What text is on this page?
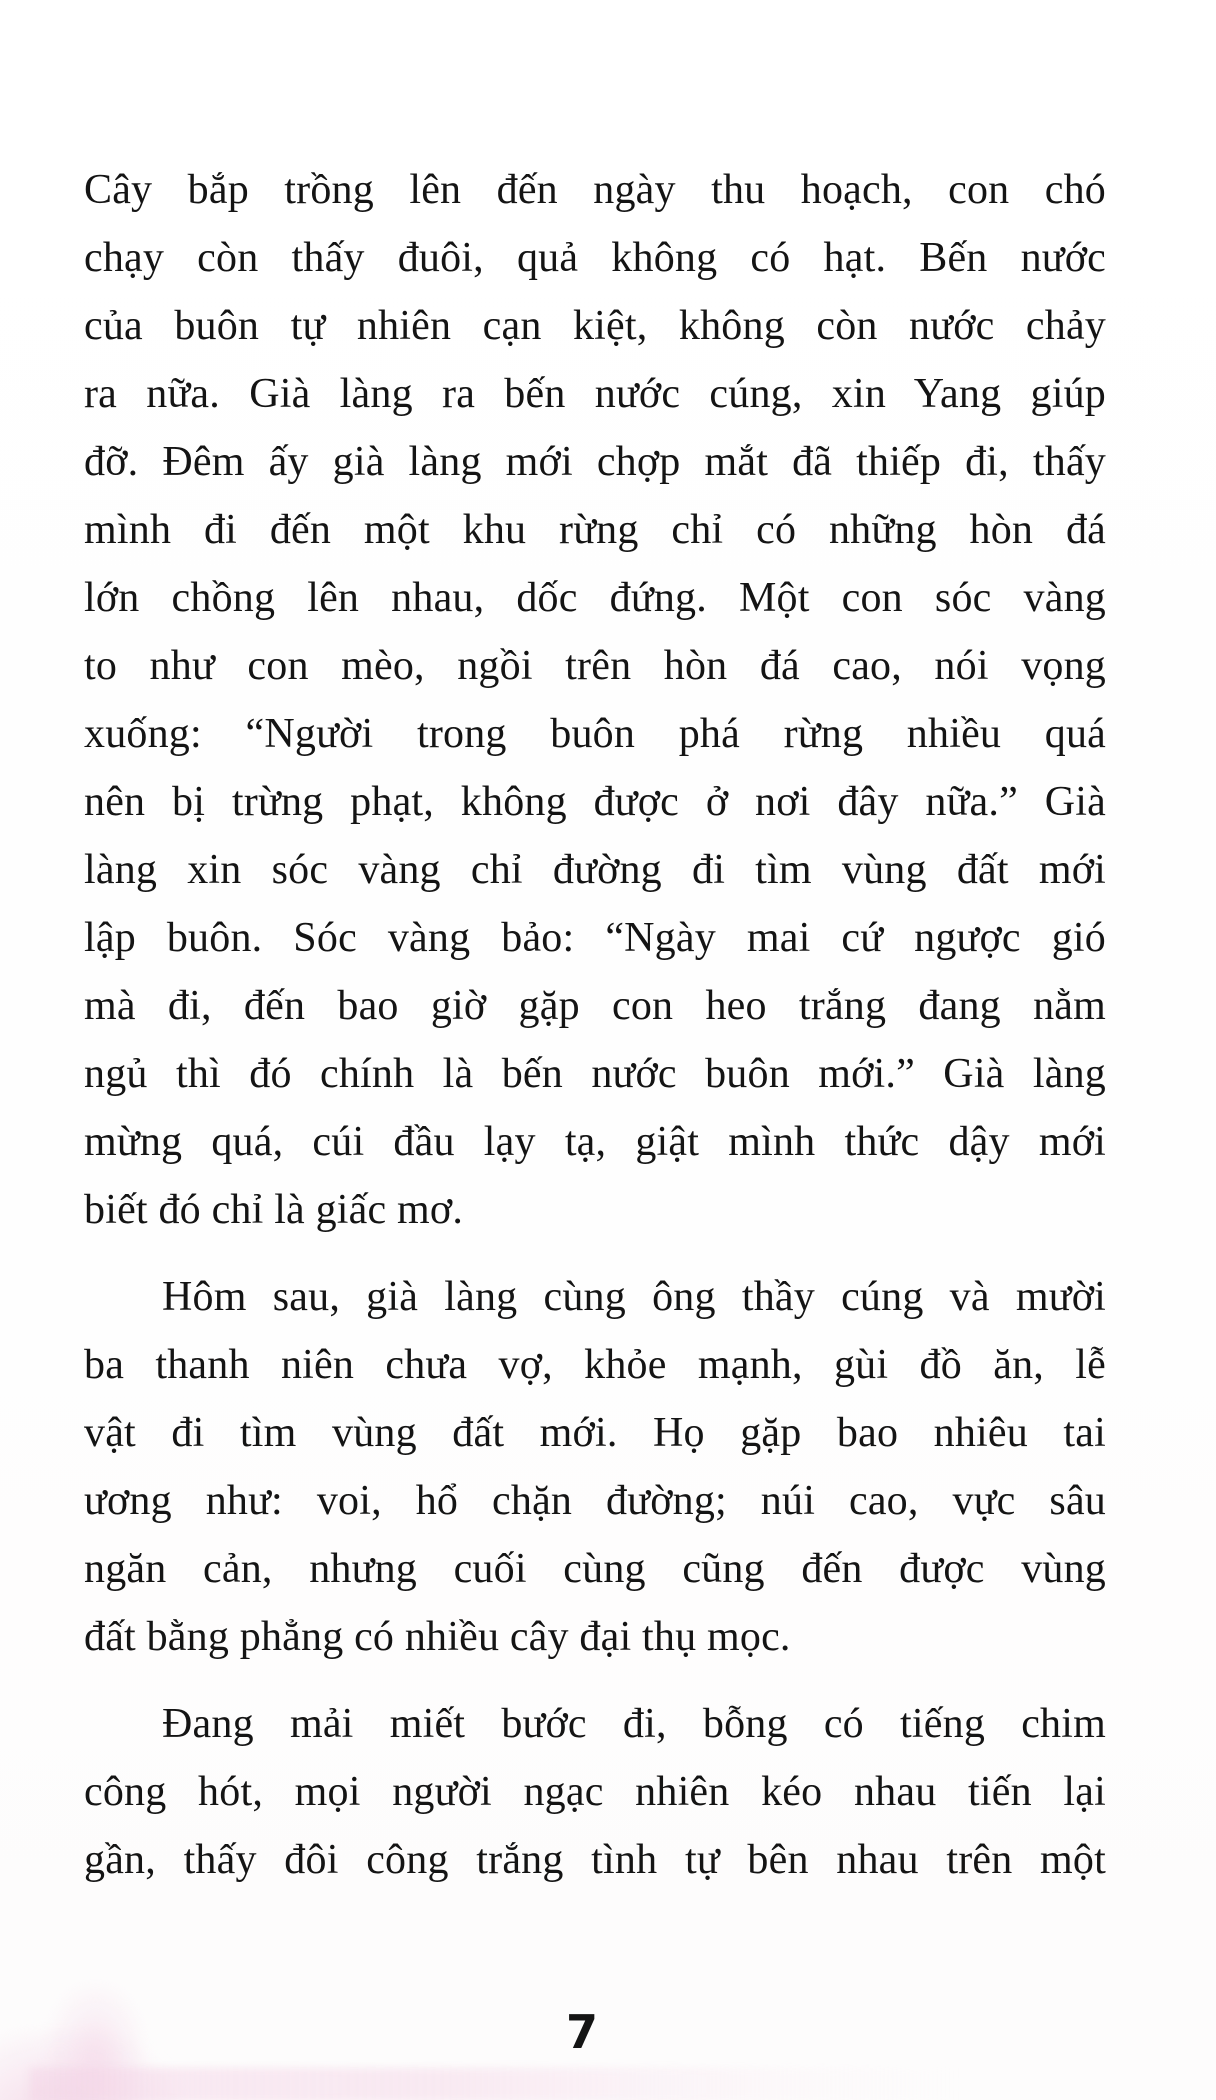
Cây bắp trồng lên đến ngày thu hoạch, con chó
chạy còn thấy đuôi, quả không có hạt. Bến nước
của buôn tự nhiên cạn kiệt, không còn nước chảy
ra nữa. Già làng ra bến nước cúng, xin Yang giúp
đỡ. Đêm ấy già làng mới chợp mắt đã thiếp đi, thấy
mình đi đến một khu rừng chỉ có những hòn đá
lớn chồng lên nhau, dốc đứng. Một con sóc vàng
to như con mèo, ngồi trên hòn đá cao, nói vọng
xuống: “Người trong buôn phá rừng nhiều quá
nên bị trừng phạt, không được ở nơi đây nữa.” Già
làng xin sóc vàng chỉ đường đi tìm vùng đất mới
lập buôn. Sóc vàng bảo: “Ngày mai cứ ngược gió
mà đi, đến bao giờ gặp con heo trắng đang nằm
ngủ thì đó chính là bến nước buôn mới.” Già làng
mừng quá, cúi đầu lạy tạ, giật mình thức dậy mới
biết đó chỉ là giấc mơ.
Hôm sau, già làng cùng ông thầy cúng và mười
ba thanh niên chưa vợ, khỏe mạnh, gùi đồ ăn, lễ
vật đi tìm vùng đất mới. Họ gặp bao nhiêu tai
ương như: voi, hổ chặn đường; núi cao, vực sâu
ngăn cản, nhưng cuối cùng cũng đến được vùng
đất bằng phẳng có nhiều cây đại thụ mọc.
Đang mải miết bước đi, bỗng có tiếng chim
công hót, mọi người ngạc nhiên kéo nhau tiến lại
gần, thấy đôi công trắng tình tự bên nhau trên một
7
